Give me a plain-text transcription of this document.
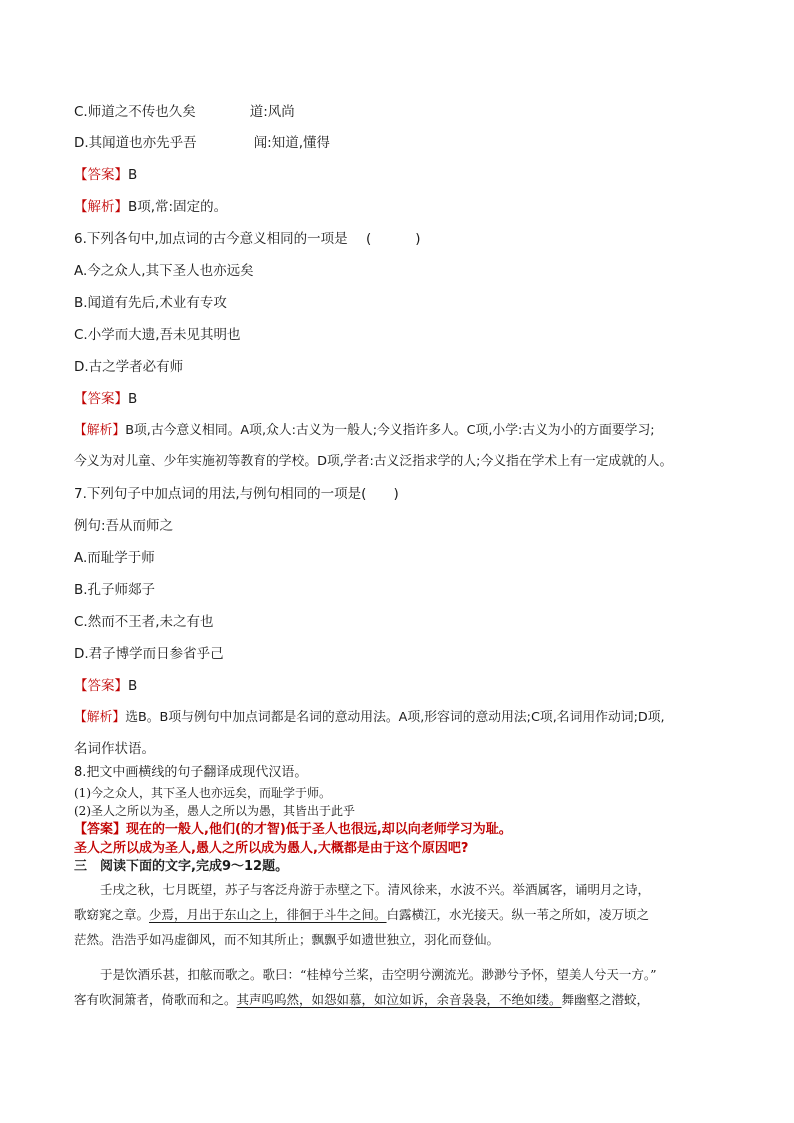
C.师道之不传也久矣	道:风尚
D.其闻道也亦先乎吾	闻:知道,懂得
【答案】B
【解析】B项,常:固定的。
6.下列各句中,加点词的古今意义相同的一项是 (	)
A.今之众人,其下圣人也亦远矣
B.闻道有先后,术业有专攻
C.小学而大遗,吾未见其明也
D.古之学者必有师
【答案】B
【解析】B项,古今意义相同。A项,众人:古义为一般人;今义指许多人。C项,小学:古义为小的方面要学习;
今义为对儿童、少年实施初等教育的学校。D项,学者:古义泛指求学的人;今义指在学术上有一定成就的人。
7.下列句子中加点词的用法,与例句相同的一项是(　　)
例句:吾从而师之
A.而耻学于师
B.孔子师郯子
C.然而不王者,未之有也
D.君子博学而日参省乎己
【答案】B
【解析】选B。B项与例句中加点词都是名词的意动用法。A项,形容词的意动用法;C项,名词用作动词;D项,
名词作状语。
8.把文中画横线的句子翻译成现代汉语。
(1)今之众人，其下圣人也亦远矣，而耻学于师。
(2)圣人之所以为圣，愚人之所以为愚，其皆出于此乎
【答案】现在的一般人,他们(的才智)低于圣人也很远,却以向老师学习为耻。
圣人之所以成为圣人,愚人之所以成为愚人,大概都是由于这个原因吧?
三　阅读下面的文字,完成9～12题。
壬戌之秋，七月既望，苏子与客泛舟游于赤壁之下。清风徐来，水波不兴。举酒属客，诵明月之诗，
歌窈窕之章。少焉，月出于东山之上，徘徊于斗牛之间。白露横江，水光接天。纵一苇之所如，凌万顷之
茫然。浩浩乎如冯虚御风，而不知其所止；飘飘乎如遗世独立，羽化而登仙。
于是饮酒乐甚，扣舷而歌之。歌曰：“桂棹兮兰桨，击空明兮溯流光。渺渺兮予怀，望美人兮天一方。”
客有吹洞箫者，倚歌而和之。其声呜呜然，如怨如慕，如泣如诉，余音袅袅，不绝如缕。舞幽壑之潜蛟，
